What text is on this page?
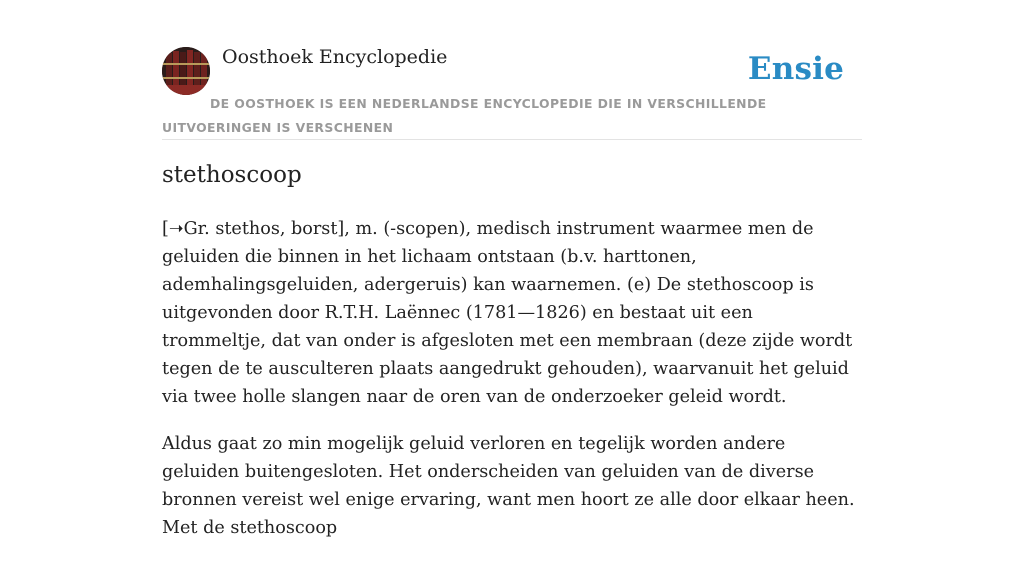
Oosthoek Encyclopedie	Ensie
DE OOSTHOEK IS EEN NEDERLANDSE ENCYCLOPEDIE DIE IN VERSCHILLENDE UITVOERINGEN IS VERSCHENEN
stethoscoop

[➝Gr. stethos, borst], m. (-scopen), medisch instrument waarmee men de geluiden die binnen in het lichaam ontstaan (b.v. harttonen, ademhalingsgeluiden, adergeruis) kan waarnemen. (e) De stethoscoop is uitgevonden door R.T.H. Laënnec (1781—1826) en bestaat uit een trommeltje, dat van onder is afgesloten met een membraan (deze zijde wordt tegen de te ausculteren plaats aangedrukt gehouden), waarvanuit het geluid via twee holle slangen naar de oren van de onderzoeker geleid wordt.

Aldus gaat zo min mogelijk geluid verloren en tegelijk worden andere geluiden buitengesloten. Het onderscheiden van geluiden van de diverse bronnen vereist wel enige ervaring, want men hoort ze alle door elkaar heen. Met de stethoscoop
